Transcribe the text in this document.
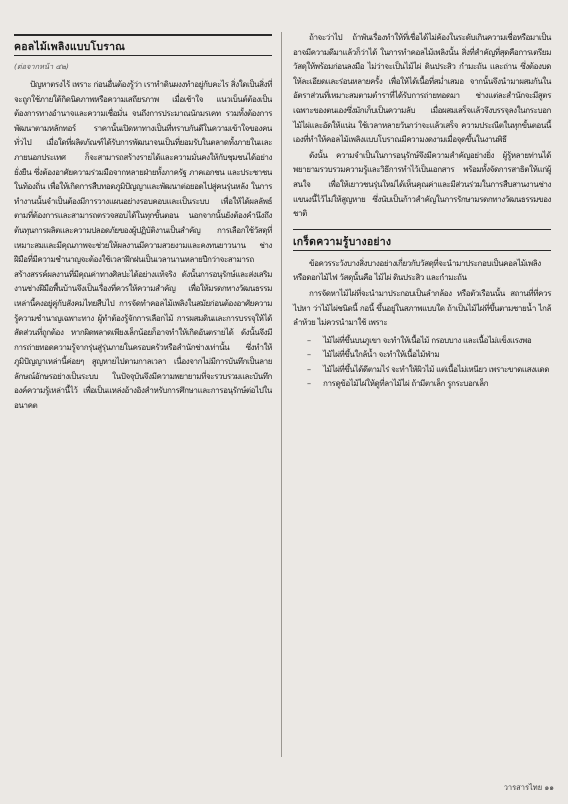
คอลไม้เพลิงแบบโบราณ
(ต่อจากหน้า ๔๒)

ปัญหาตรงไร้ เพราะ ก่อนอื่นต้องรู้ว่า เราทำดินผงงทำอยู่กับคะไร สิ่งใดเป็นสิ่งที่จะถูกใช้ภายใต้กิดนิดภาพหรือความเสถียรภาพ เมื่อเช้าใจ แนวเบ็นต์ต้องเป็นต้องการทางอำนาจและความเชื่อมั่น จนถึงการประมาณนักมรเคท รวมทั้งต้องการพัฒนาตามหลักทอร์ ราคานั้นเปิดหาทางเป็นที่ทราบกันดีในความเข้าใจของคนทั่วไป เมื่อใดที่ผลิตภัณฑ์ได้รับการพัฒนาจนเป็นที่ยอมรับในตลาดทั้งภายในและภายนอกประเทศ ก็จะสามารถสร้างรายได้และความมั่นคงให้กับชุมชนได้อย่างยั่งยืน ซึ่งต้องอาศัยความร่วมมือจากหลายฝ่ายทั้งภาครัฐ ภาคเอกชน และประชาชนในท้องถิ่น เพื่อให้เกิดการสืบทอดภูมิปัญญาและพัฒนาต่อยอดไปสู่คนรุ่นหลัง ในการทำงานนั้นจำเป็นต้องมีการวางแผนอย่างรอบคอบและเป็นระบบ เพื่อให้ได้ผลลัพธ์ตามที่ต้องการและสามารถตรวจสอบได้ในทุกขั้นตอน นอกจากนั้นยังต้องคำนึงถึงต้นทุนการผลิตและความปลอดภัยของผู้ปฏิบัติงานเป็นสำคัญ การเลือกใช้วัสดุที่เหมาะสมและมีคุณภาพจะช่วยให้ผลงานมีความสวยงามและคงทนยาวนาน ช่างฝีมือที่มีความชำนาญจะต้องใช้เวลาฝึกฝนเป็นเวลานานหลายปีกว่าจะสามารถสร้างสรรค์ผลงานที่มีคุณค่าทางศิลปะได้อย่างแท้จริง ดังนั้นการอนุรักษ์และส่งเสริมงานช่างฝีมือพื้นบ้านจึงเป็นเรื่องที่ควรให้ความสำคัญ เพื่อให้มรดกทางวัฒนธรรมเหล่านี้คงอยู่คู่กับสังคมไทยสืบไป การจัดทำคอลไม้เพลิงในสมัยก่อนต้องอาศัยความรู้ความชำนาญเฉพาะทาง ผู้ทำต้องรู้จักการเลือกไม้ การผสมดินและการบรรจุให้ได้สัดส่วนที่ถูกต้อง หากผิดพลาดเพียงเล็กน้อยก็อาจทำให้เกิดอันตรายได้ ดังนั้นจึงมีการถ่ายทอดความรู้จากรุ่นสู่รุ่นภายในครอบครัวหรือสำนักช่างเท่านั้น ซึ่งทำให้ภูมิปัญญาเหล่านี้ค่อยๆ สูญหายไปตามกาลเวลา เนื่องจากไม่มีการบันทึกเป็นลายลักษณ์อักษรอย่างเป็นระบบ ในปัจจุบันจึงมีความพยายามที่จะรวบรวมและบันทึกองค์ความรู้เหล่านี้ไว้ เพื่อเป็นแหล่งอ้างอิงสำหรับการศึกษาและการอนุรักษ์ต่อไปในอนาคต

ถ้าจะว่าไป ถ้าพันเรื่องทำให้ที่เชื่อได้ไม่ค้องในระดับเกินความเชื่อหรือมาเป็นอาจมีความดีมาแล้วก็ว่าได้ ในการทำคอลไม้เพลิงนั้น สิ่งที่สำคัญที่สุดคือการเตรียมวัสดุให้พร้อมก่อนลงมือ ไม่ว่าจะเป็นไม้ไผ่ ดินประสิว กำมะถัน และถ่าน ซึ่งต้องบดให้ละเอียดและร่อนหลายครั้ง เพื่อให้ได้เนื้อที่สม่ำเสมอ จากนั้นจึงนำมาผสมกันในอัตราส่วนที่เหมาะสมตามตำราที่ได้รับการถ่ายทอดมา ช่างแต่ละสำนักจะมีสูตรเฉพาะของตนเองซึ่งมักเก็บเป็นความลับ เมื่อผสมเสร็จแล้วจึงบรรจุลงในกระบอกไม้ไผ่และอัดให้แน่น ใช้เวลาหลายวันกว่าจะแล้วเสร็จ ความประณีตในทุกขั้นตอนนี้เองที่ทำให้คอลไม้เพลิงแบบโบราณมีความงดงามเมื่อจุดขึ้นในงานพิธี

ดังนั้น ความจำเป็นในการอนุรักษ์จึงมีความสำคัญอย่างยิ่ง ผู้รู้หลายท่านได้พยายามรวบรวมความรู้และวิธีการทำไว้เป็นเอกสาร พร้อมทั้งจัดการสาธิตให้แก่ผู้สนใจ เพื่อให้เยาวชนรุ่นใหม่ได้เห็นคุณค่าและมีส่วนร่วมในการสืบสานงานช่างแขนงนี้ไว้ไม่ให้สูญหาย ซึ่งนับเป็นก้าวสำคัญในการรักษามรดกทางวัฒนธรรมของชาติ

เกร็ดความรู้บางอย่าง

ข้อควรระวังบางสิ่งบางอย่างเกี่ยวกับวัสดุที่จะนำมาประกอบเป็นคอลไม้เพลิงหรือดอกไม้ไฟ วัสดุนั้นคือ ไม้ไผ่ ดินประสิว และกำมะถัน

การจัดหาไม้ไผ่ที่จะนำมาประกอบเป็นลำกล้อง หรือตัวเรือนนั้น สถานที่ที่ควรไปหา ว่าไม้ไผ่ชนิดนี้ กอนี้ ขึ้นอยู่ในสภาพแบบใด ถ้าเป็นไม้ไผ่ที่ขึ้นตามชายน้ำ ไกล้ลำห้วย ไม่ควรนำมาใช้ เพราะ

– ไม้ไผ่ที่ขึ้นบนภูเขา จะทำให้เนื้อไม้ กรอบบาง และเนื้อไม่แข็งแรงพอ
– ไม้ไผ่ที่ขึ้นใกล้น้ำ จะทำให้เนื้อไม้ฟ่าม
– ไม้ไผ่ที่ขึ้นได้ดีตามไร่ จะทำให้ผิวไม้ แต่เนื้อไม่เหนียว เพราะขาดแสงแดด
– การดูข้อไม้ไผ่ให้ดูที่ลาไม้ไผ่ ถ้ามีตาเล็ก รูกระบอกเล็ก
วารสารไทย ๑๑
